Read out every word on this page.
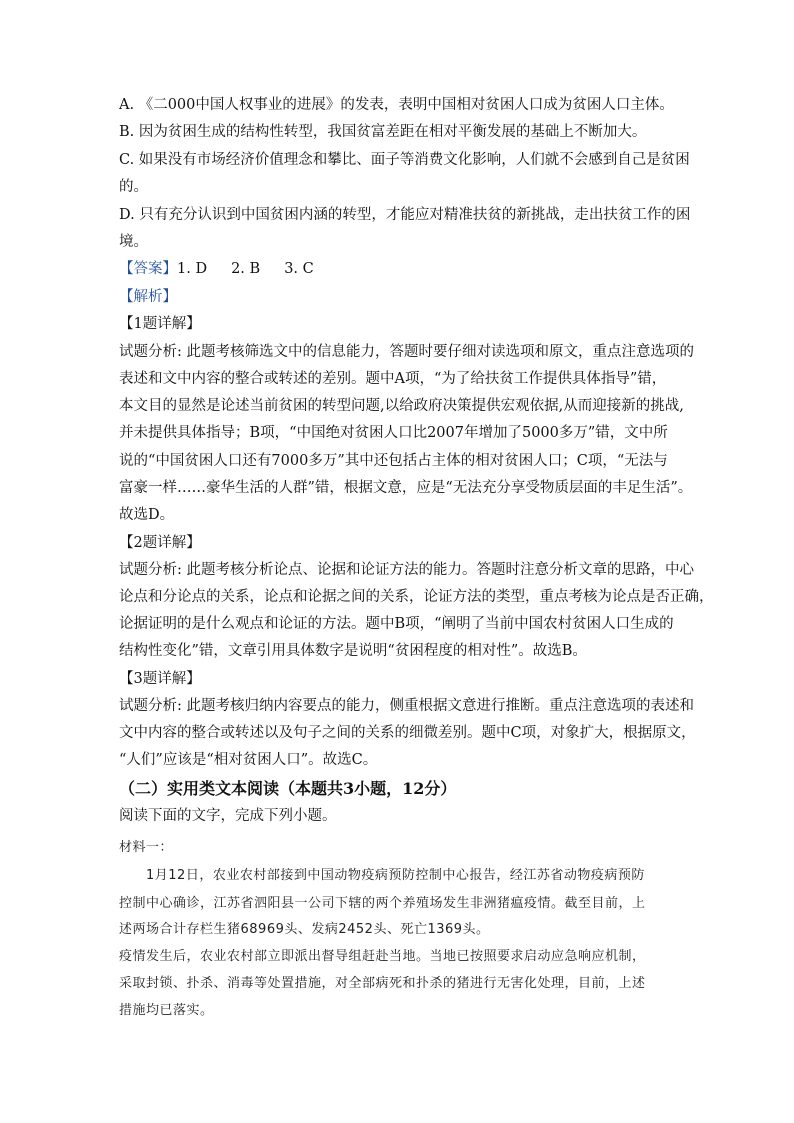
A. 《二000中国人权事业的进展》的发表，表明中国相对贫困人口成为贫困人口主体。
B. 因为贫困生成的结构性转型，我国贫富差距在相对平衡发展的基础上不断加大。
C. 如果没有市场经济价值理念和攀比、面子等消费文化影响，人们就不会感到自己是贫困
的。
D. 只有充分认识到中国贫困内涵的转型，才能应对精准扶贫的新挑战，走出扶贫工作的困
境。
【答案】1. D 2. B 3. C
【解析】
【1题详解】
试题分析: 此题考核筛选文中的信息能力，答题时要仔细对读选项和原文，重点注意选项的
表述和文中内容的整合或转述的差别。题中A项，“为了给扶贫工作提供具体指导”错，
本文目的显然是论述当前贫困的转型问题,以给政府决策提供宏观依据,从而迎接新的挑战,
并未提供具体指导；B项，“中国绝对贫困人口比2007年增加了5000多万”错，文中所
说的“中国贫困人口还有7000多万”其中还包括占主体的相对贫困人口；C项，“无法与
富豪一样……豪华生活的人群”错，根据文意，应是“无法充分享受物质层面的丰足生活”。
故选D。
【2题详解】
试题分析: 此题考核分析论点、论据和论证方法的能力。答题时注意分析文章的思路，中心
论点和分论点的关系，论点和论据之间的关系，论证方法的类型，重点考核为论点是否正确，
论据证明的是什么观点和论证的方法。题中B项，“阐明了当前中国农村贫困人口生成的
结构性变化”错，文章引用具体数字是说明“贫困程度的相对性”。故选B。
【3题详解】
试题分析: 此题考核归纳内容要点的能力，侧重根据文意进行推断。重点注意选项的表述和
文中内容的整合或转述以及句子之间的关系的细微差别。题中C项，对象扩大，根据原文，
“人们”应该是“相对贫困人口”。故选C。
（二）实用类文本阅读（本题共3小题，12分）
阅读下面的文字，完成下列小题。
材料一：
　　1月12日，农业农村部接到中国动物疫病预防控制中心报告，经江苏省动物疫病预防
控制中心确诊，江苏省泗阳县一公司下辖的两个养殖场发生非洲猪瘟疫情。截至目前，上
述两场合计存栏生猪68969头、发病2452头、死亡1369头。
疫情发生后，农业农村部立即派出督导组赶赴当地。当地已按照要求启动应急响应机制，
采取封锁、扑杀、消毒等处置措施，对全部病死和扑杀的猪进行无害化处理，目前，上述
措施均已落实。
